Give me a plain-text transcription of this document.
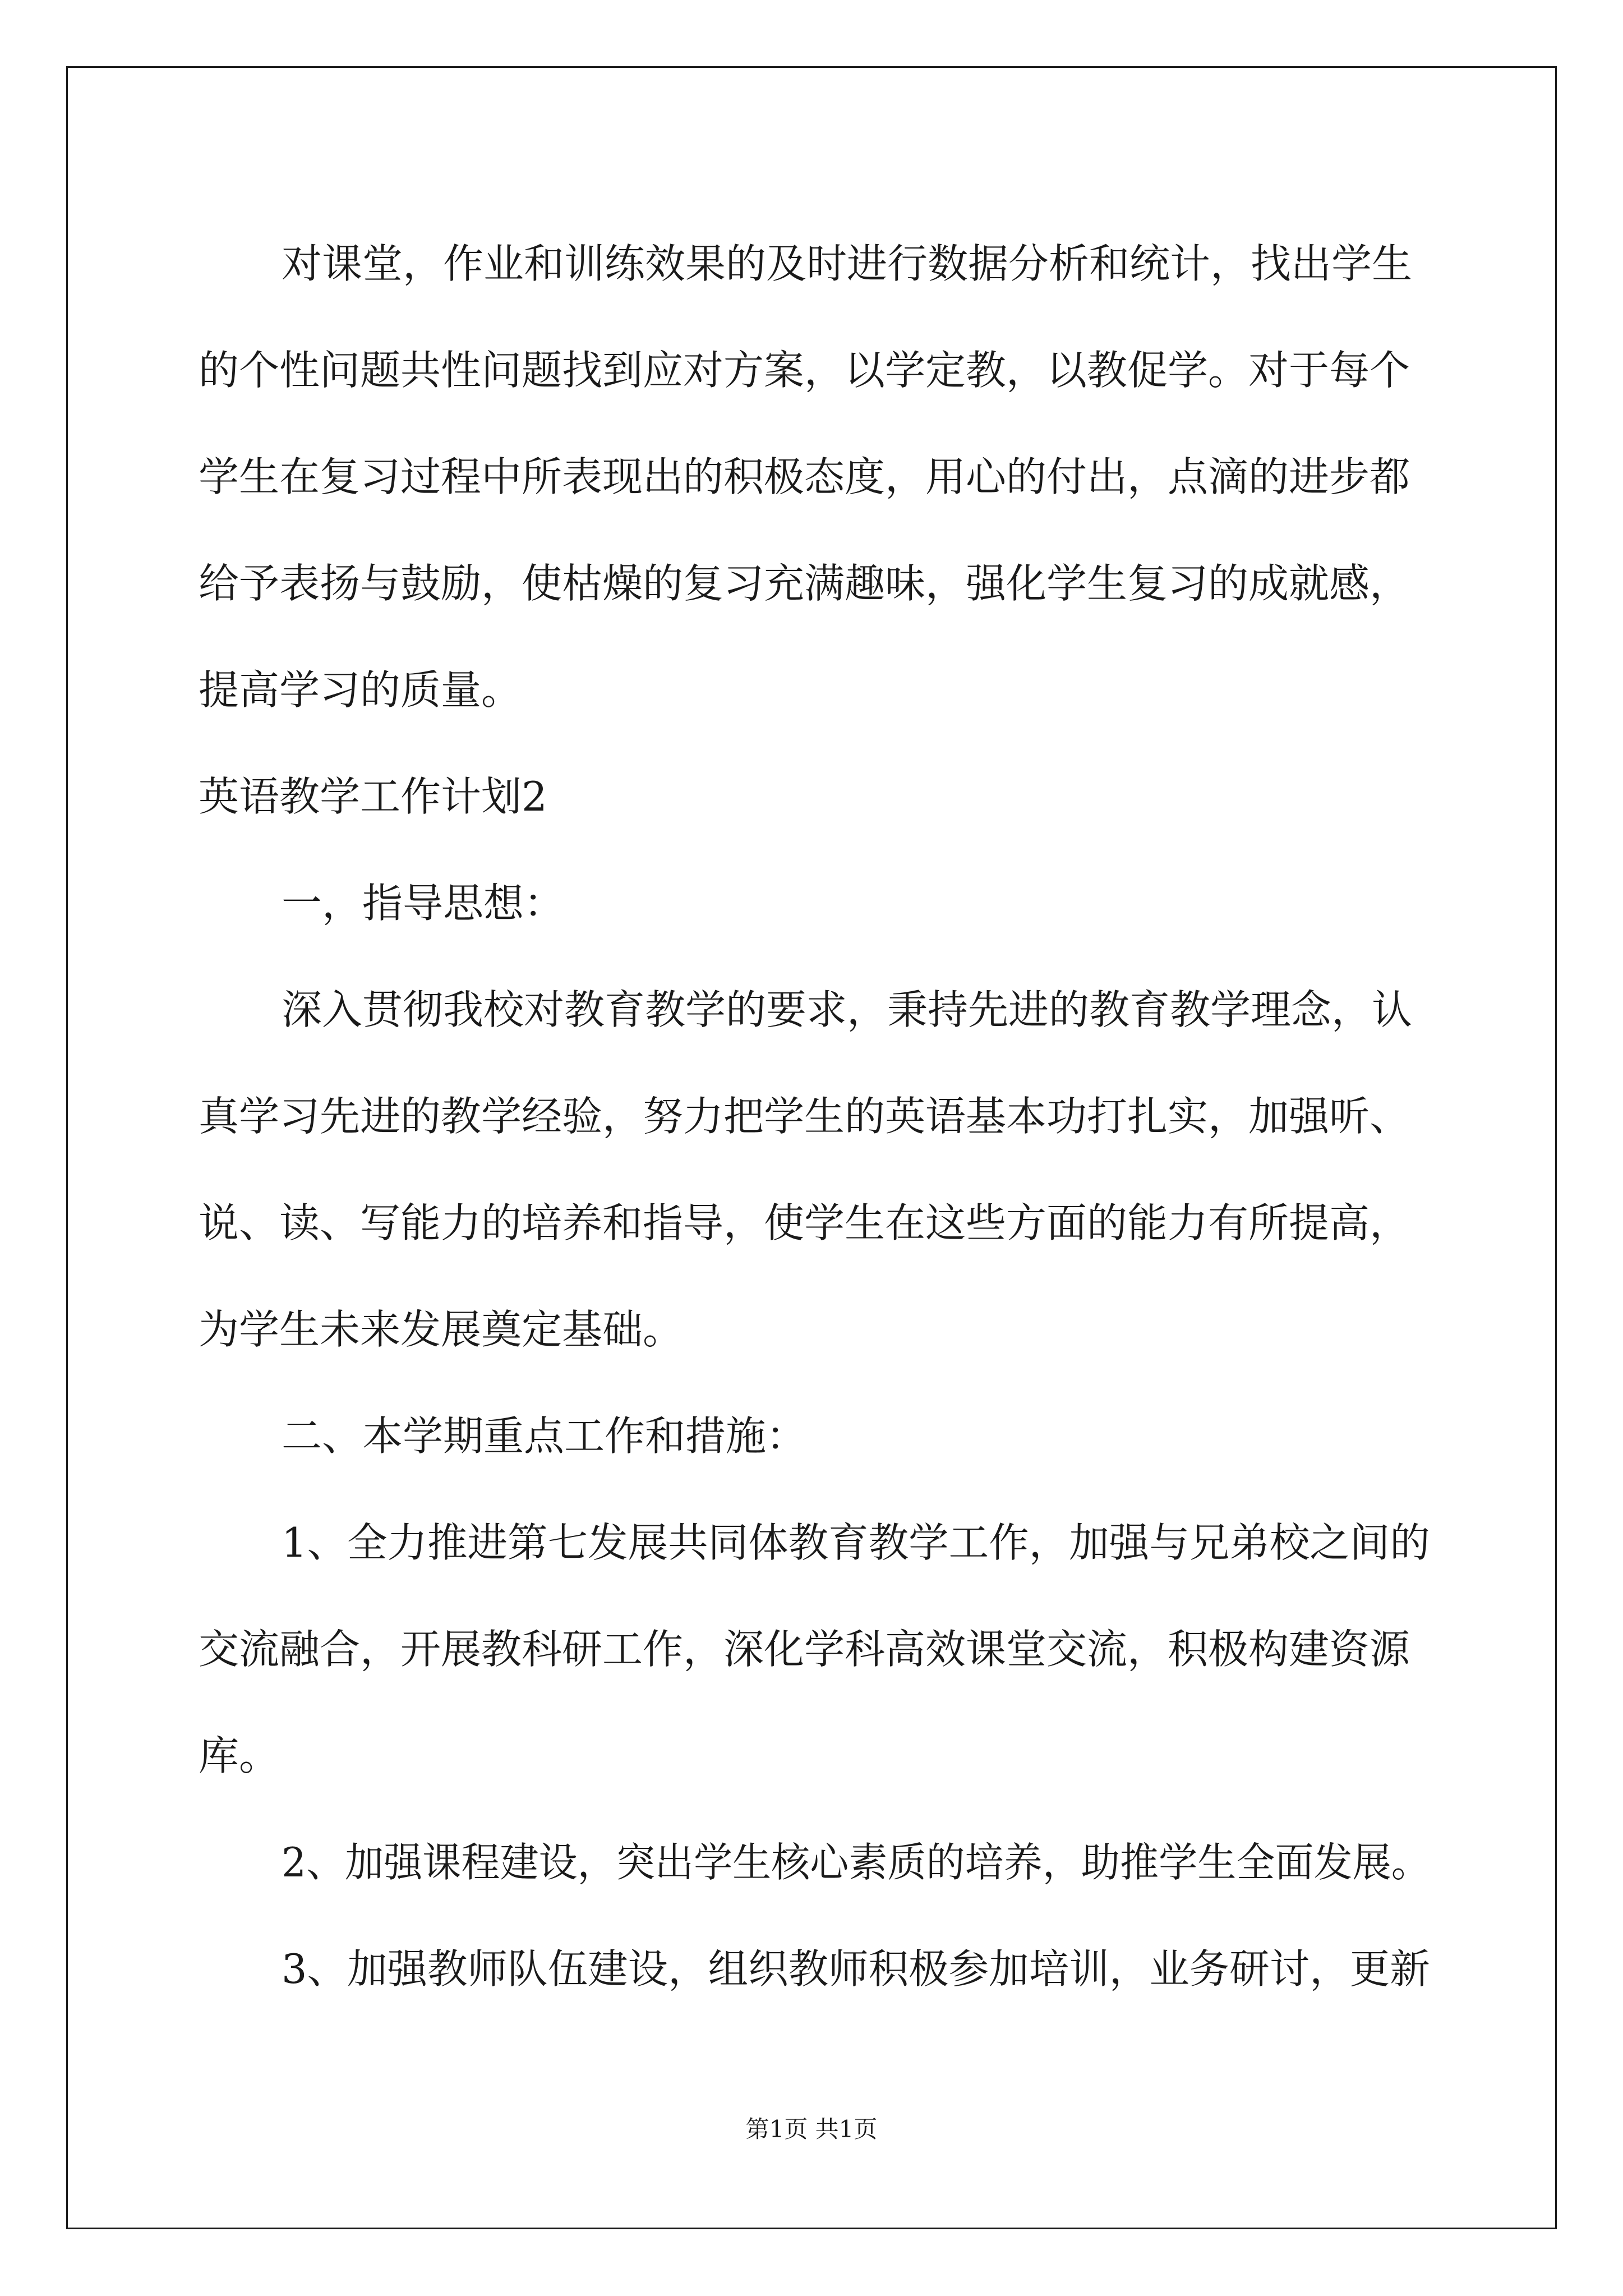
对课堂，作业和训练效果的及时进行数据分析和统计，找出学生
的个性问题共性问题找到应对方案，以学定教，以教促学。对于每个
学生在复习过程中所表现出的积极态度，用心的付出，点滴的进步都
给予表扬与鼓励，使枯燥的复习充满趣味，强化学生复习的成就感，
提高学习的质量。
英语教学工作计划2
一，指导思想：
深入贯彻我校对教育教学的要求，秉持先进的教育教学理念，认
真学习先进的教学经验，努力把学生的英语基本功打扎实，加强听、
说、读、写能力的培养和指导，使学生在这些方面的能力有所提高，
为学生未来发展奠定基础。
二、本学期重点工作和措施：
1、全力推进第七发展共同体教育教学工作，加强与兄弟校之间的
交流融合，开展教科研工作，深化学科高效课堂交流，积极构建资源
库。
2、加强课程建设，突出学生核心素质的培养，助推学生全面发展。
3、加强教师队伍建设，组织教师积极参加培训，业务研讨，更新
第1页 共1页
